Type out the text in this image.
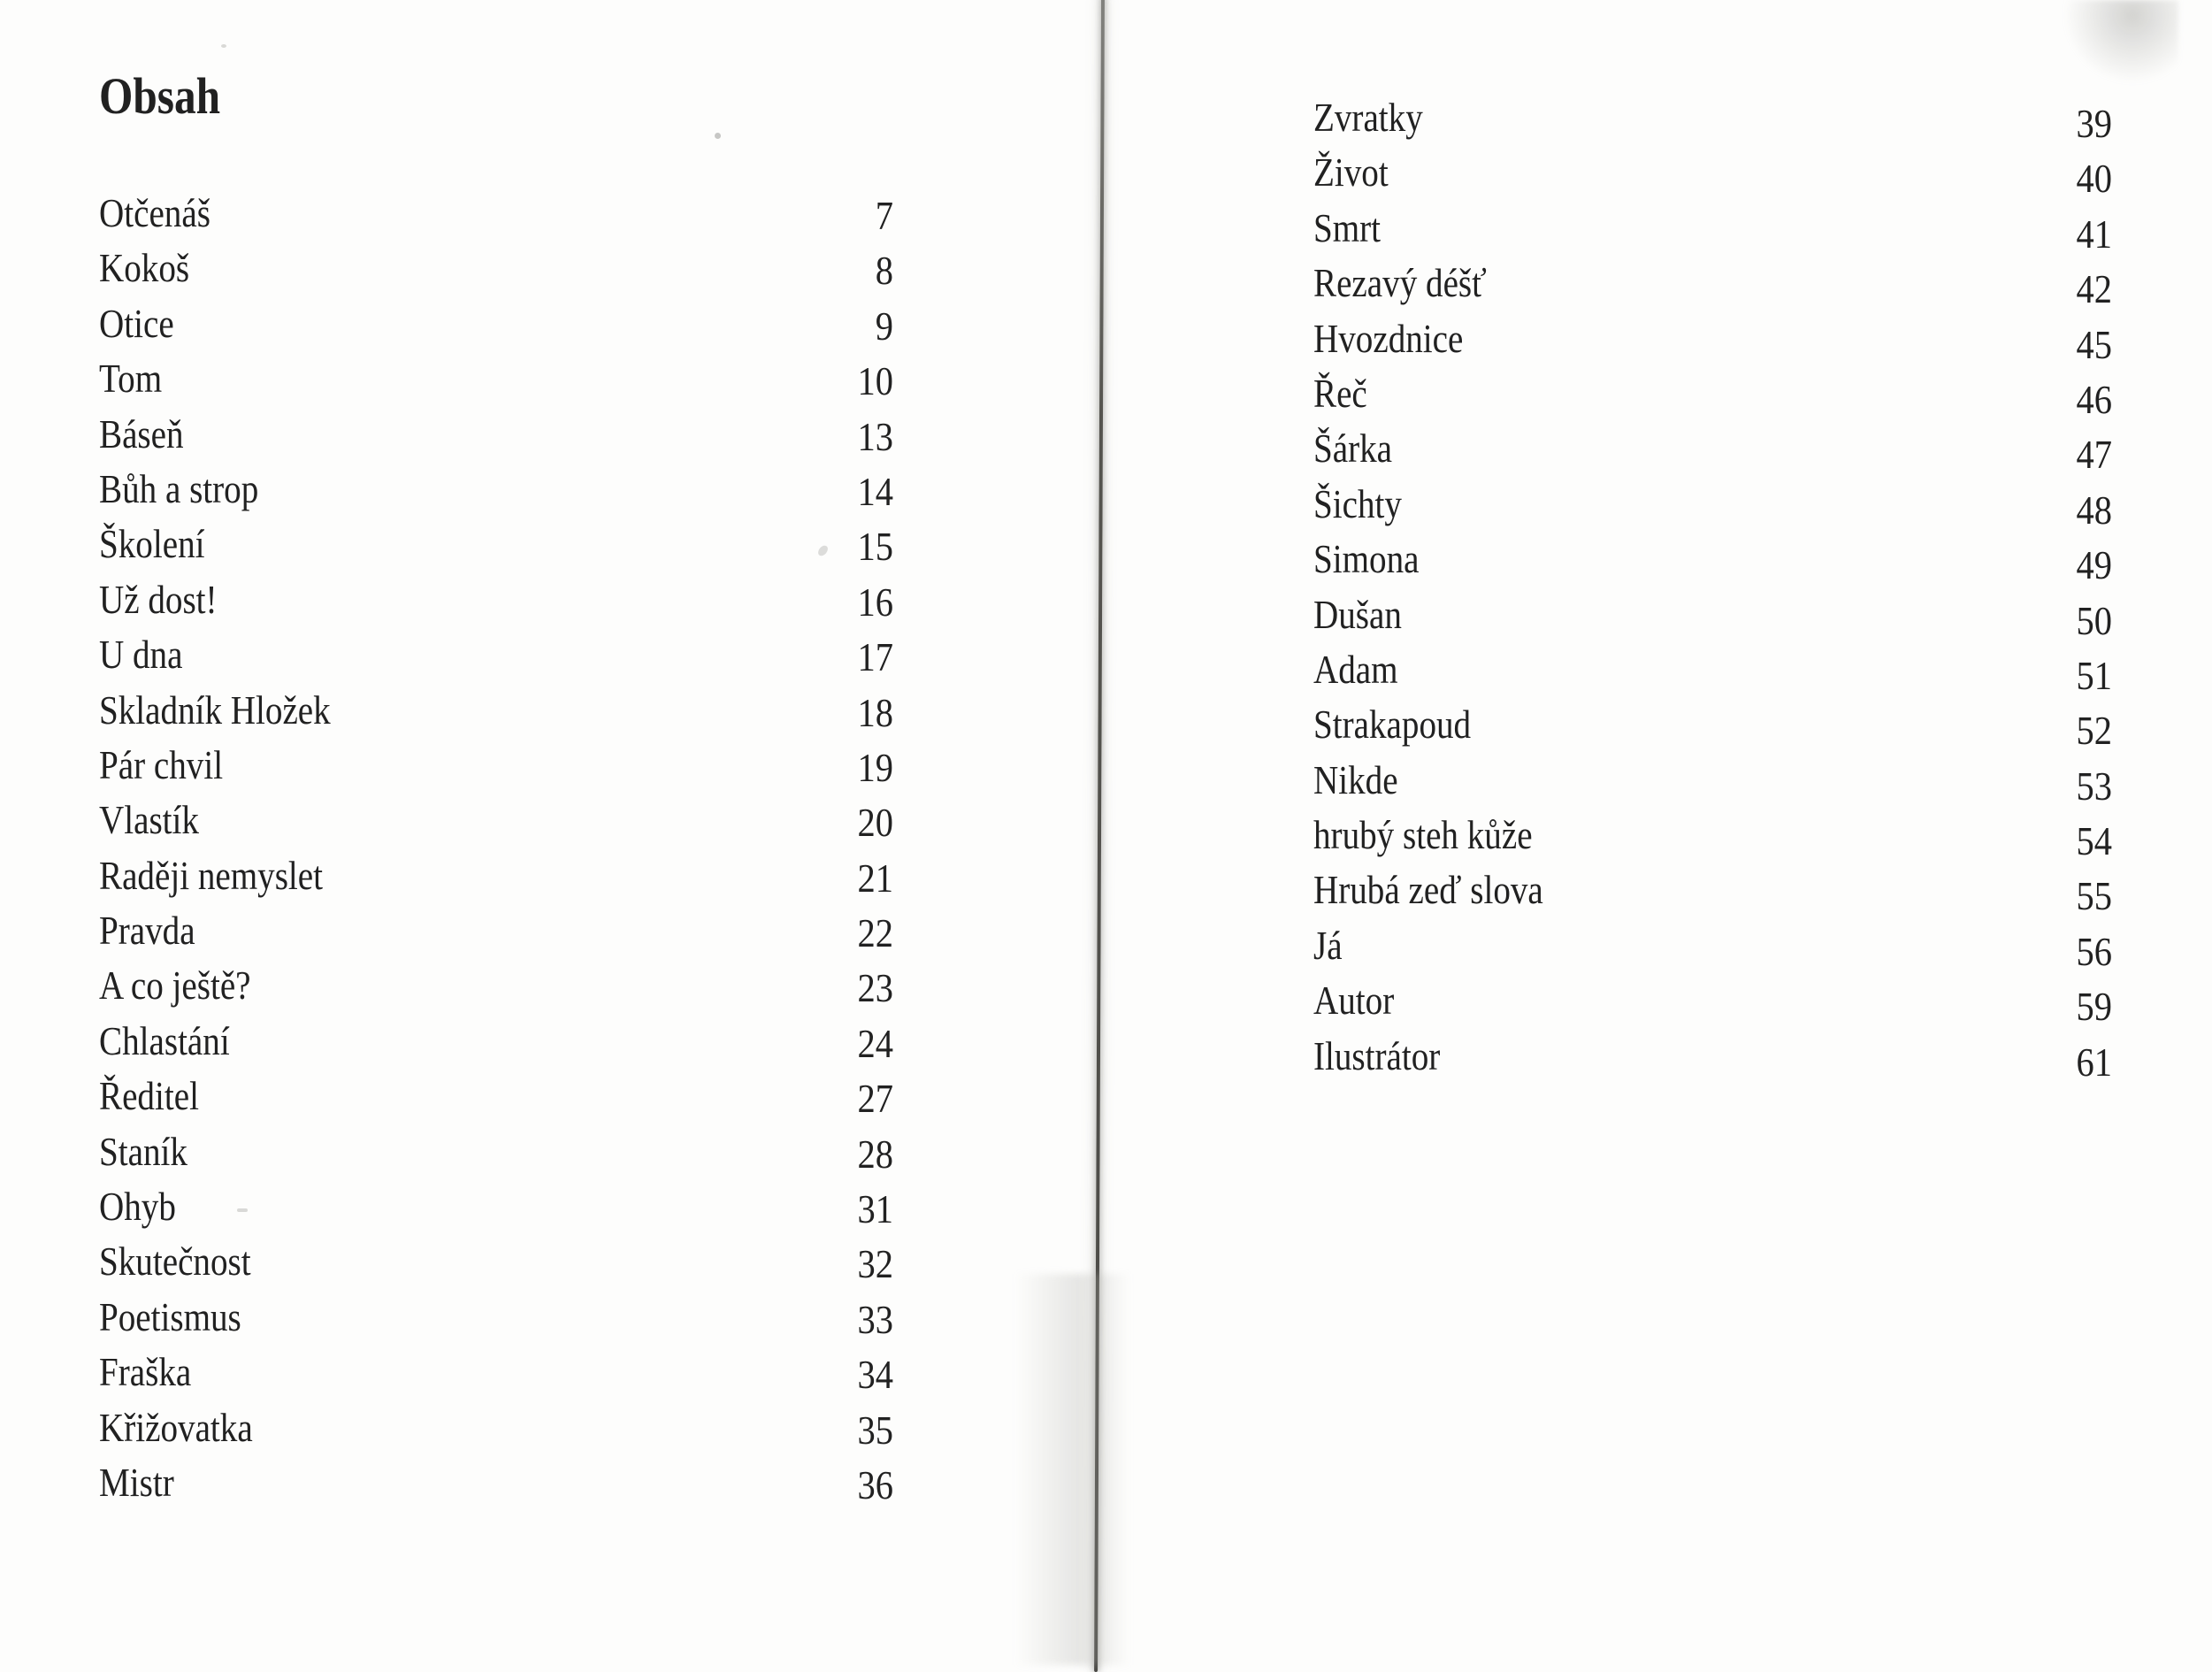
Obsah
Otčenáš	7
Kokoš	8
Otice	9
Tom	10
Báseň	13
Bůh a strop	14
Školení	15
Už dost!	16
U dna	17
Skladník Hložek	18
Pár chvil	19
Vlastík	20
Raději nemyslet	21
Pravda	22
A co ještě?	23
Chlastání	24
Ředitel	27
Staník	28
Ohyb	31
Skutečnost	32
Poetismus	33
Fraška	34
Křižovatka	35
Mistr	36
Zvratky	39
Život	40
Smrt	41
Rezavý déšť	42
Hvozdnice	45
Řeč	46
Šárka	47
Šichty	48
Simona	49
Dušan	50
Adam	51
Strakapoud	52
Nikde	53
hrubý steh kůže	54
Hrubá zeď slova	55
Já	56
Autor	59
Ilustrátor	61
